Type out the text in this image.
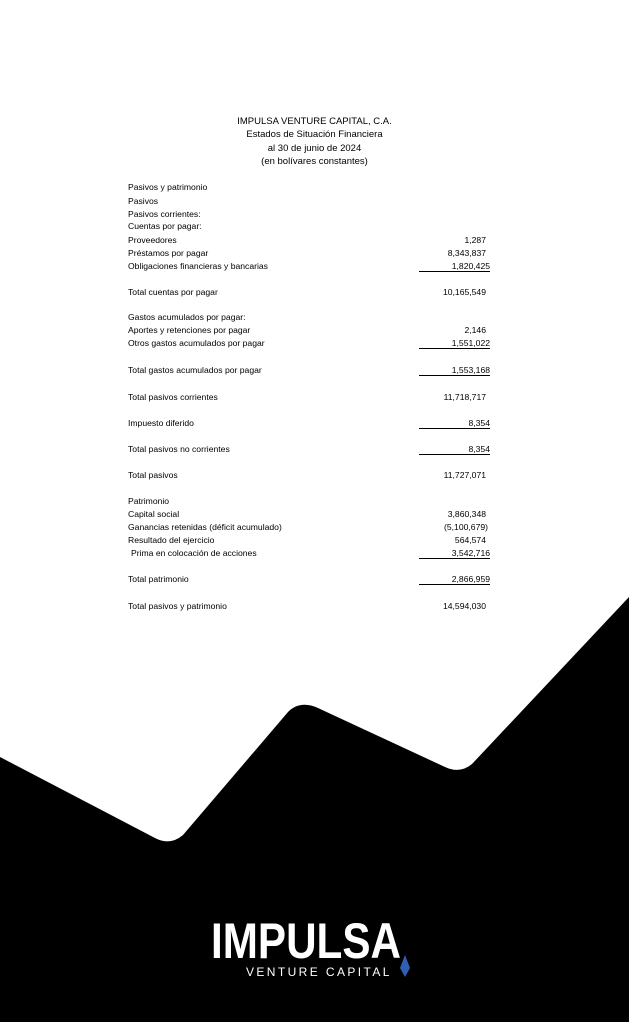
IMPULSA VENTURE CAPITAL, C.A.
Estados de Situación Financiera
al 30 de junio de 2024
(en bolívares constantes)
Pasivos y patrimonio
Pasivos
Pasivos corrientes:
Cuentas por pagar:
Proveedores	1,287
Préstamos por pagar	8,343,837
Obligaciones financieras y bancarias	1,820,425
Total cuentas por pagar	10,165,549
Gastos acumulados por pagar:
Aportes y retenciones por pagar	2,146
Otros gastos acumulados por pagar	1,551,022
Total gastos acumulados por pagar	1,553,168
Total pasivos corrientes	11,718,717
Impuesto diferido	8,354
Total pasivos no corrientes	8,354
Total pasivos	11,727,071
Patrimonio
Capital social	3,860,348
Ganancias retenidas (déficit acumulado)	(5,100,679)
Resultado del ejercicio	564,574
Prima en colocación de acciones	3,542,716
Total patrimonio	2,866,959
Total pasivos y patrimonio	14,594,030
IMPULSA
VENTURE CAPITAL
